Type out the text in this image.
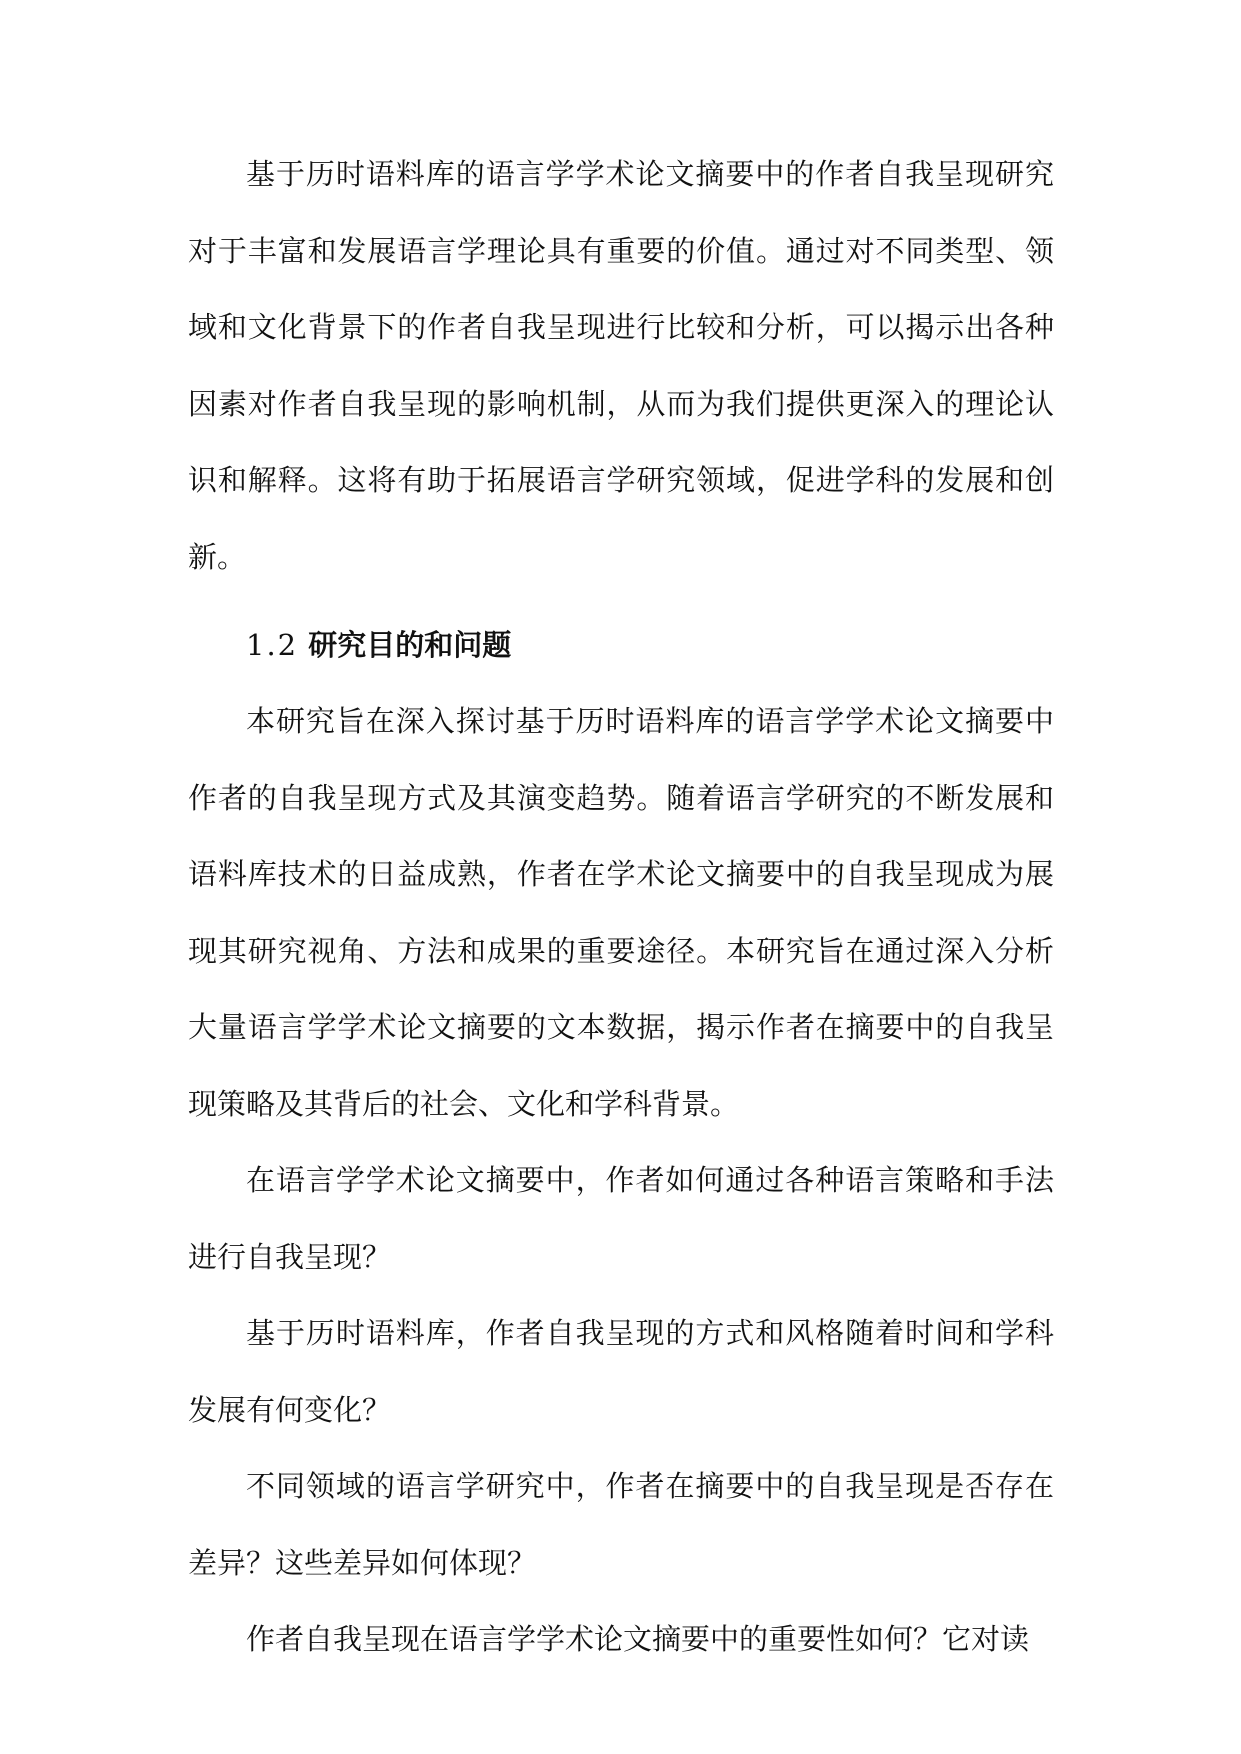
基于历时语料库的语言学学术论文摘要中的作者自我呈现研究对于丰富和发展语言学理论具有重要的价值。通过对不同类型、领域和文化背景下的作者自我呈现进行比较和分析，可以揭示出各种因素对作者自我呈现的影响机制，从而为我们提供更深入的理论认识和解释。这将有助于拓展语言学研究领域，促进学科的发展和创新。

1.2 研究目的和问题

本研究旨在深入探讨基于历时语料库的语言学学术论文摘要中作者的自我呈现方式及其演变趋势。随着语言学研究的不断发展和语料库技术的日益成熟，作者在学术论文摘要中的自我呈现成为展现其研究视角、方法和成果的重要途径。本研究旨在通过深入分析大量语言学学术论文摘要的文本数据，揭示作者在摘要中的自我呈现策略及其背后的社会、文化和学科背景。

在语言学学术论文摘要中，作者如何通过各种语言策略和手法进行自我呈现？

基于历时语料库，作者自我呈现的方式和风格随着时间和学科发展有何变化？

不同领域的语言学研究中，作者在摘要中的自我呈现是否存在差异？这些差异如何体现？

作者自我呈现在语言学学术论文摘要中的重要性如何？它对读
